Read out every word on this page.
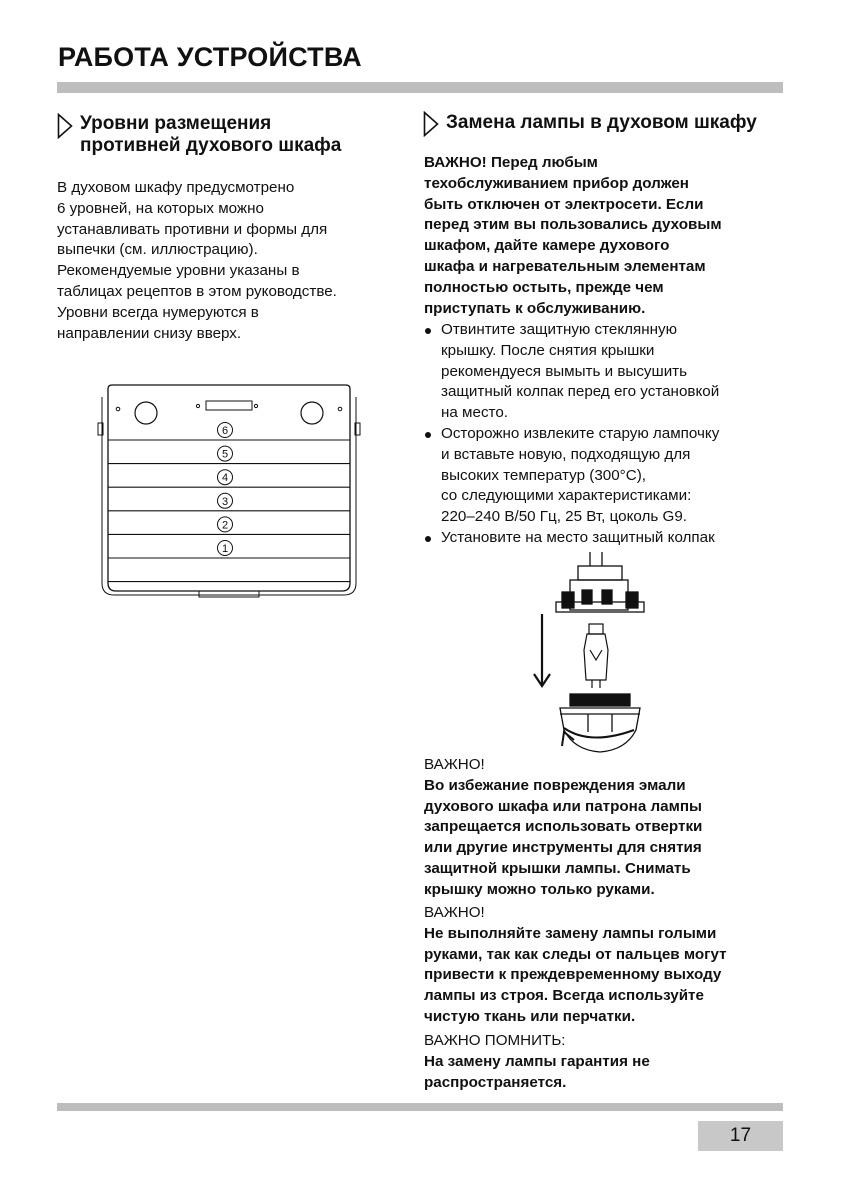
РАБОТА УСТРОЙСТВА
Уровни размещения
противней духового шкафа
В духовом шкафу предусмотрено
6 уровней, на которых можно
устанавливать противни и формы для
выпечки (см. иллюстрацию).
Рекомендуемые уровни указаны в
таблицах рецептов в этом руководстве.
Уровни всегда нумеруются в
направлении снизу вверх.
6
5
4
3
2
1
Замена лампы в духовом шкафу
ВАЖНО! Перед любым
техобслуживанием прибор должен
быть отключен от электросети. Если
перед этим вы пользовались духовым
шкафом, дайте камере духового
шкафа и нагревательным элементам
полностью остыть, прежде чем
приступать к обслуживанию.
Отвинтите защитную стеклянную
крышку. После снятия крышки
рекомендуеся вымыть и высушить
защитный колпак перед его установкой
на место.
Осторожно извлеките старую лампочку
и вставьте новую, подходящую для
высоких температур (300°C),
со следующими характеристиками:
220–240 В/50 Гц, 25 Вт, цоколь G9.
Установите на место защитный колпак
ВАЖНО!
Во избежание повреждения эмали
духового шкафа или патрона лампы
запрещается использовать отвертки
или другие инструменты для снятия
защитной крышки лампы. Снимать
крышку можно только руками.
ВАЖНО!
Не выполняйте замену лампы голыми
руками, так как следы от пальцев могут
привести к преждевременному выходу
лампы из строя. Всегда используйте
чистую ткань или перчатки.
ВАЖНО ПОМНИТЬ:
На замену лампы гарантия не
распространяется.
17
